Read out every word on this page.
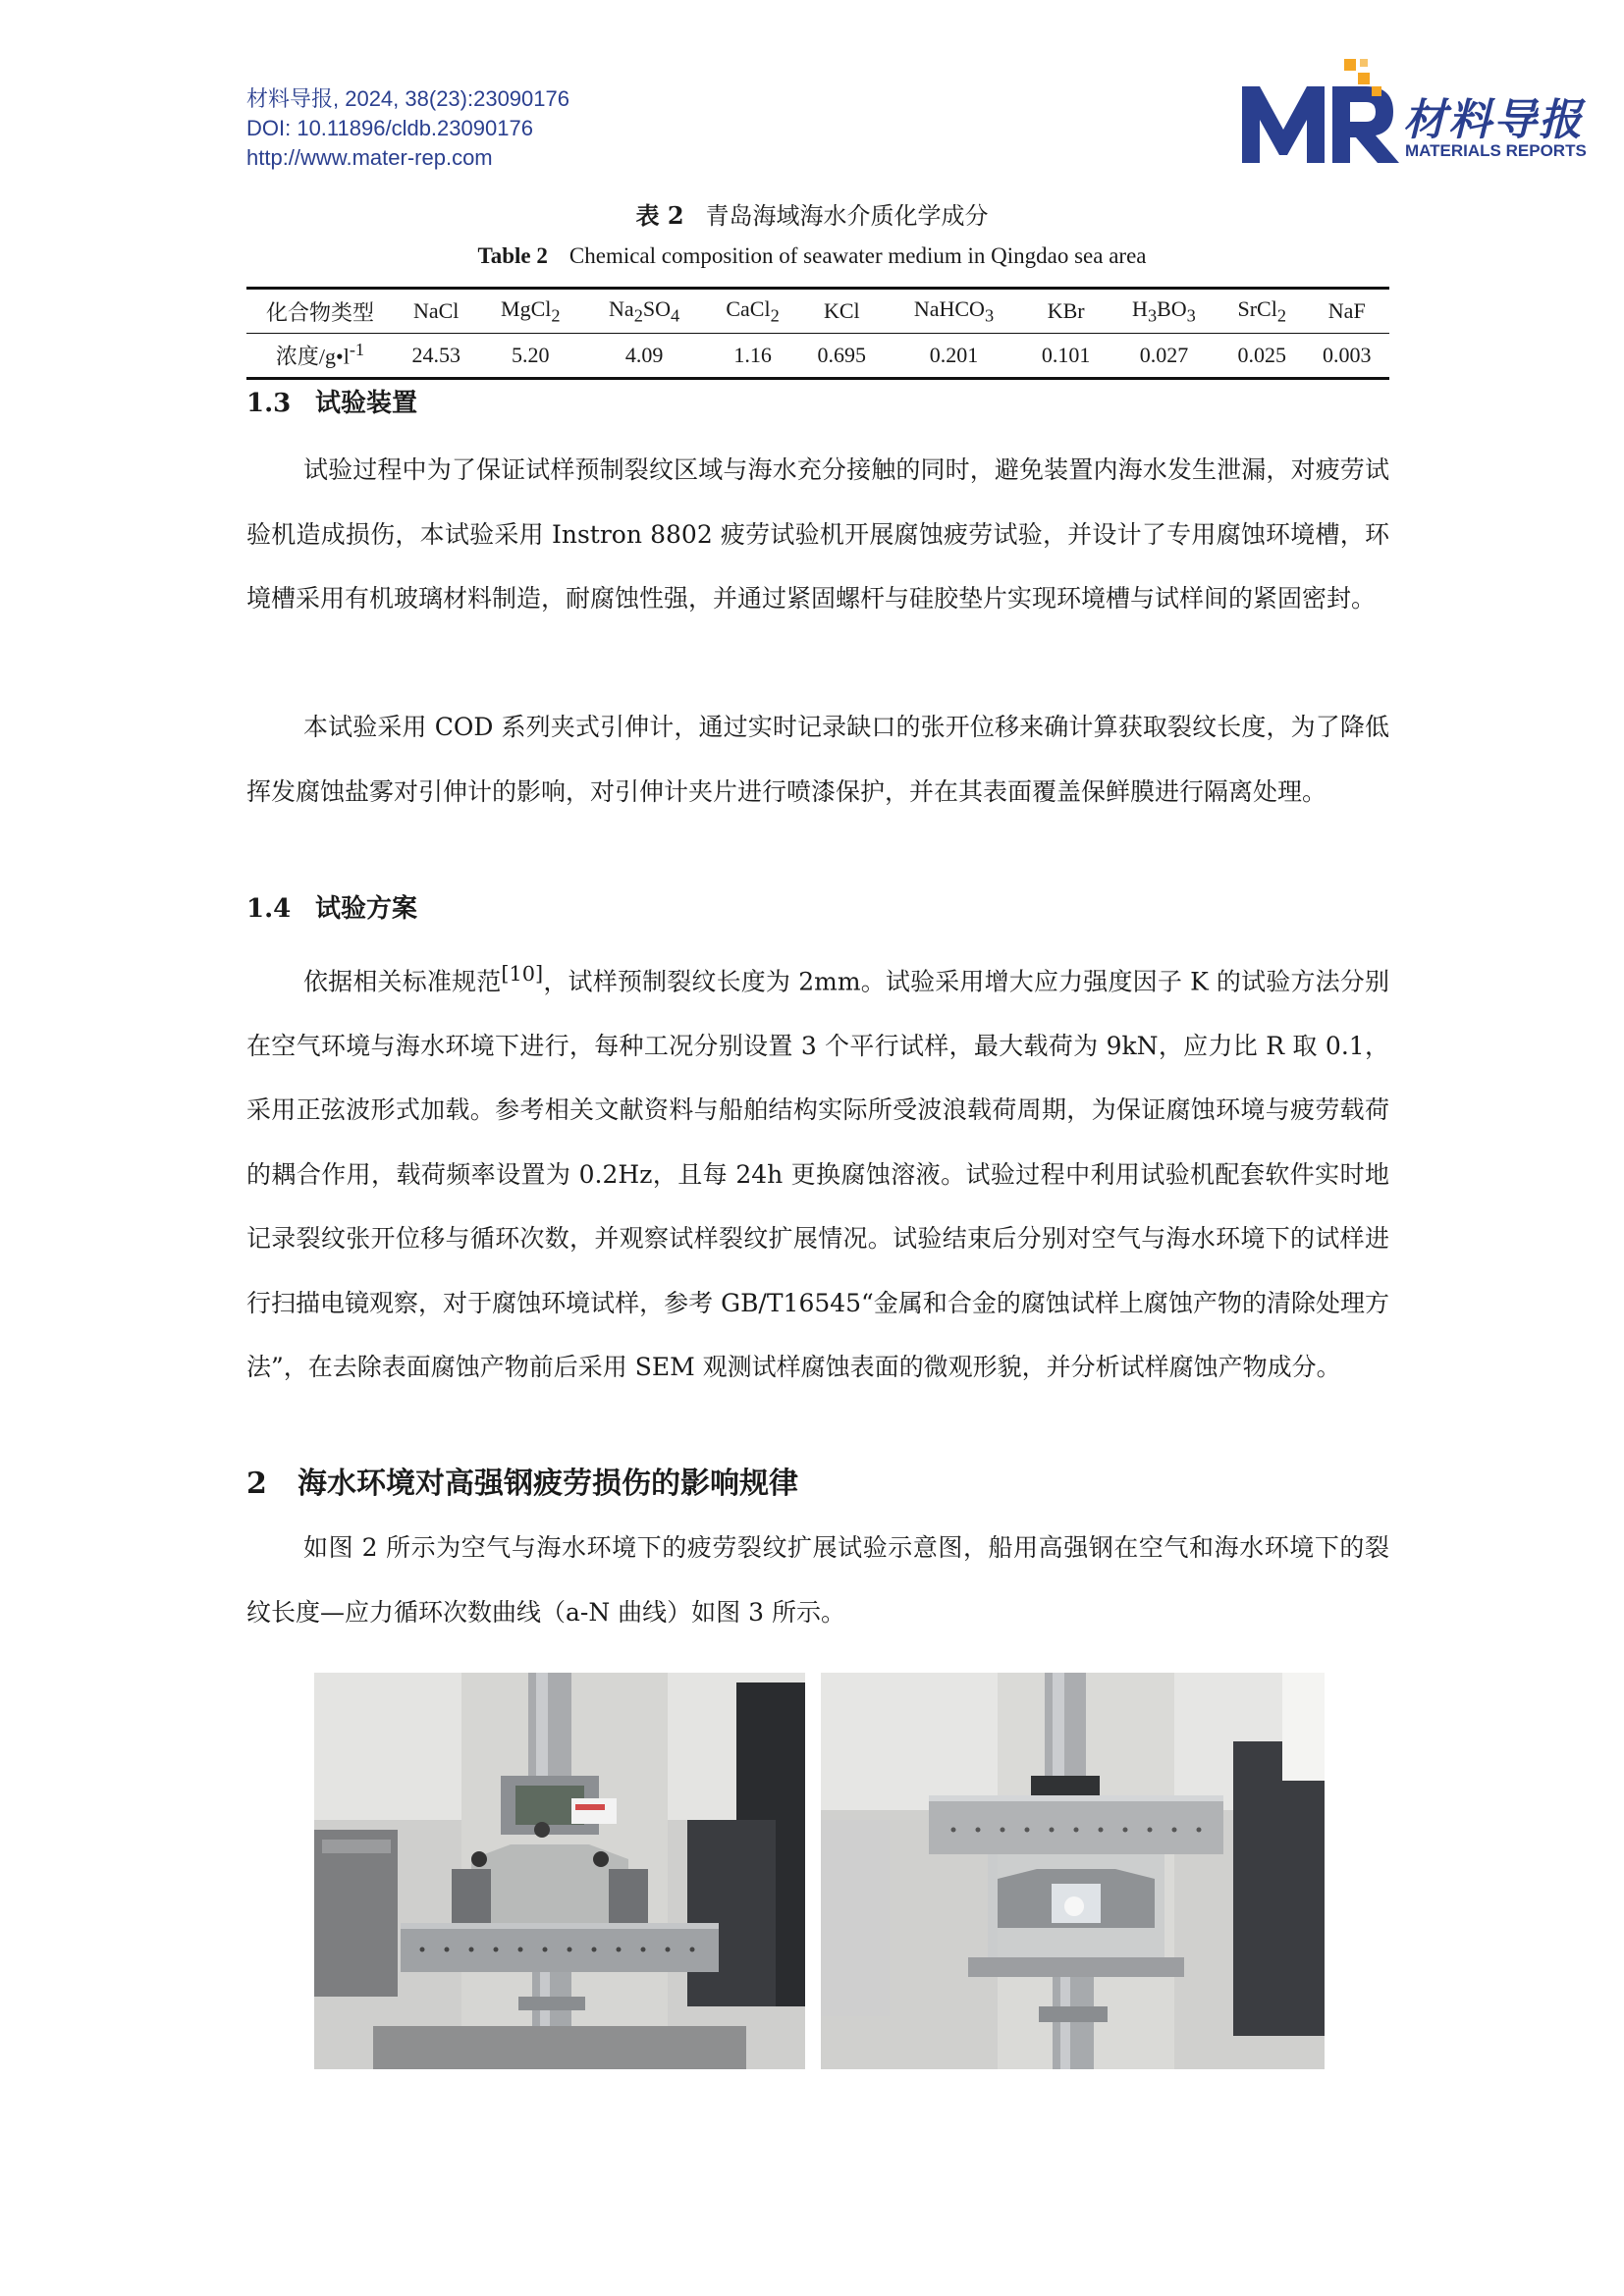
材料导报, 2024, 38(23):23090176
DOI: 10.11896/cldb.23090176
http://www.mater-rep.com
材料导报
MATERIALS REPORTS
表 2 青岛海域海水介质化学成分
Table 2 Chemical composition of seawater medium in Qingdao sea area
化合物类型	NaCl	MgCl$_2$	$Na_2SO_4$	CaCl$_2$	KCl	NaHCO$_3$	KBr	$H_3BO_3$	SrCl$_2$	NaF
浓度$/g•l^{-1}$	24.53	5.20	4.09	1.16	0.695	0.201	0.101	0.027	0.025	0.003
1.3 试验装置

试验过程中为了保证试样预制裂纹区域与海水充分接触的同时，避免装置内海水发生泄漏，对疲劳试验机造成损伤，本试验采用 Instron 8802 疲劳试验机开展腐蚀疲劳试验，并设计了专用腐蚀环境槽，环境槽采用有机玻璃材料制造，耐腐蚀性强，并通过紧固螺杆与硅胶垫片实现环境槽与试样间的紧固密封。

本试验采用 COD 系列夹式引伸计，通过实时记录缺口的张开位移来确计算获取裂纹长度，为了降低挥发腐蚀盐雾对引伸计的影响，对引伸计夹片进行喷漆保护，并在其表面覆盖保鲜膜进行隔离处理。

1.4 试验方案

依据相关标准规范[10]，试样预制裂纹长度为 2mm。试验采用增大应力强度因子 K 的试验方法分别在空气环境与海水环境下进行，每种工况分别设置 3 个平行试样，最大载荷为 9kN，应力比 R 取 0.1，采用正弦波形式加载。参考相关文献资料与船舶结构实际所受波浪载荷周期，为保证腐蚀环境与疲劳载荷的耦合作用，载荷频率设置为 0.2Hz，且每 24h 更换腐蚀溶液。试验过程中利用试验机配套软件实时地记录裂纹张开位移与循环次数，并观察试样裂纹扩展情况。试验结束后分别对空气与海水环境下的试样进行扫描电镜观察，对于腐蚀环境试样，参考 GB/T16545“金属和合金的腐蚀试样上腐蚀产物的清除处理方法”，在去除表面腐蚀产物前后采用 SEM 观测试样腐蚀表面的微观形貌，并分析试样腐蚀产物成分。

2 海水环境对高强钢疲劳损伤的影响规律

如图 2 所示为空气与海水环境下的疲劳裂纹扩展试验示意图，船用高强钢在空气和海水环境下的裂纹长度—应力循环次数曲线（a-N 曲线）如图 3 所示。
